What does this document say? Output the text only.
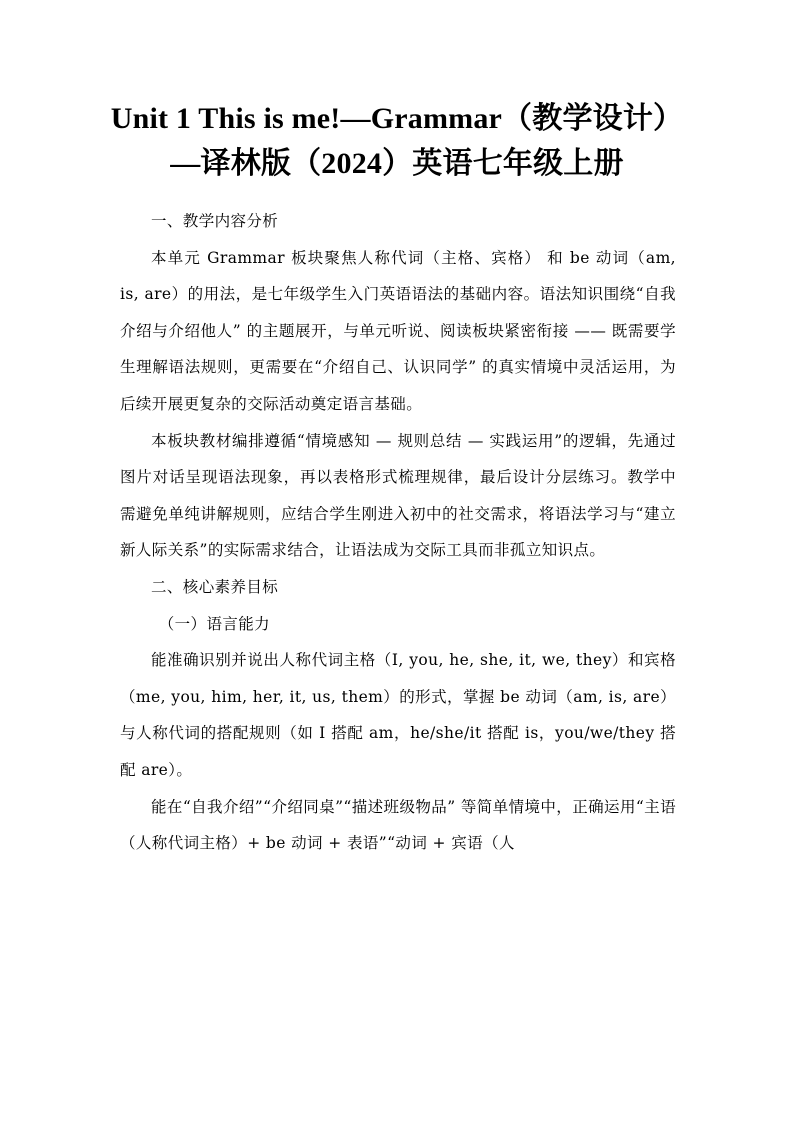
Unit 1 This is me!—Grammar（教学设计）—译林版（2024）英语七年级上册

一、教学内容分析

本单元 Grammar 板块聚焦人称代词（主格、宾格） 和 be 动词（am, is, are）的用法，是七年级学生入门英语语法的基础内容。语法知识围绕“自我介绍与介绍他人” 的主题展开，与单元听说、阅读板块紧密衔接 —— 既需要学生理解语法规则，更需要在“介绍自己、认识同学” 的真实情境中灵活运用，为后续开展更复杂的交际活动奠定语言基础。

本板块教材编排遵循“情境感知 — 规则总结 — 实践运用”的逻辑，先通过图片对话呈现语法现象，再以表格形式梳理规律，最后设计分层练习。教学中需避免单纯讲解规则，应结合学生刚进入初中的社交需求，将语法学习与“建立新人际关系”的实际需求结合，让语法成为交际工具而非孤立知识点。

二、核心素养目标

（一）语言能力

能准确识别并说出人称代词主格（I, you, he, she, it, we, they）和宾格（me, you, him, her, it, us, them）的形式，掌握 be 动词（am, is, are）与人称代词的搭配规则（如 I 搭配 am，he/she/it 搭配 is，you/we/they 搭配 are）。

能在“自我介绍”“介绍同桌”“描述班级物品” 等简单情境中，正确运用“主语（人称代词主格）+ be 动词 + 表语”“动词 + 宾语（人
